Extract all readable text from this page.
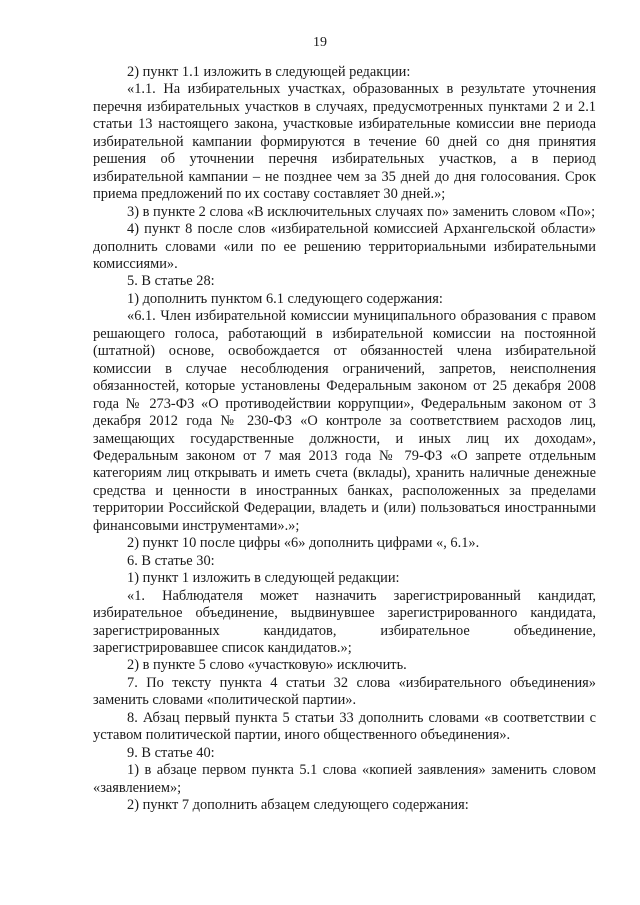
19

2) пункт 1.1 изложить в следующей редакции:

«1.1. На избирательных участках, образованных в результате уточнения перечня избирательных участков в случаях, предусмотренных пунктами 2 и 2.1 статьи 13 настоящего закона, участковые избирательные комиссии вне периода избирательной кампании формируются в течение 60 дней со дня принятия решения об уточнении перечня избирательных участков, а в период избирательной кампании – не позднее чем за 35 дней до дня голосования. Срок приема предложений по их составу составляет 30 дней.»;

3) в пункте 2 слова «В исключительных случаях по» заменить словом «По»;

4) пункт 8 после слов «избирательной комиссией Архангельской области» дополнить словами «или по ее решению территориальными избирательными комиссиями».

5. В статье 28:

1) дополнить пунктом 6.1 следующего содержания:

«6.1. Член избирательной комиссии муниципального образования с правом решающего голоса, работающий в избирательной комиссии на постоянной (штатной) основе, освобождается от обязанностей члена избирательной комиссии в случае несоблюдения ограничений, запретов, неисполнения обязанностей, которые установлены Федеральным законом от 25 декабря 2008 года № 273-ФЗ «О противодействии коррупции», Федеральным законом от 3 декабря 2012 года № 230-ФЗ «О контроле за соответствием расходов лиц, замещающих государственные должности, и иных лиц их доходам», Федеральным законом от 7 мая 2013 года № 79-ФЗ «О запрете отдельным категориям лиц открывать и иметь счета (вклады), хранить наличные денежные средства и ценности в иностранных банках, расположенных за пределами территории Российской Федерации, владеть и (или) пользоваться иностранными финансовыми инструментами».»;

2) пункт 10 после цифры «6» дополнить цифрами «, 6.1».

6. В статье 30:

1) пункт 1 изложить в следующей редакции:

«1. Наблюдателя может назначить зарегистрированный кандидат, избирательное объединение, выдвинувшее зарегистрированного кандидата, зарегистрированных кандидатов, избирательное объединение, зарегистрировавшее список кандидатов.»;

2) в пункте 5 слово «участковую» исключить.

7. По тексту пункта 4 статьи 32 слова «избирательного объединения» заменить словами «политической партии».

8. Абзац первый пункта 5 статьи 33 дополнить словами «в соответствии с уставом политической партии, иного общественного объединения».

9. В статье 40:

1) в абзаце первом пункта 5.1 слова «копией заявления» заменить словом «заявлением»;

2) пункт 7 дополнить абзацем следующего содержания:
